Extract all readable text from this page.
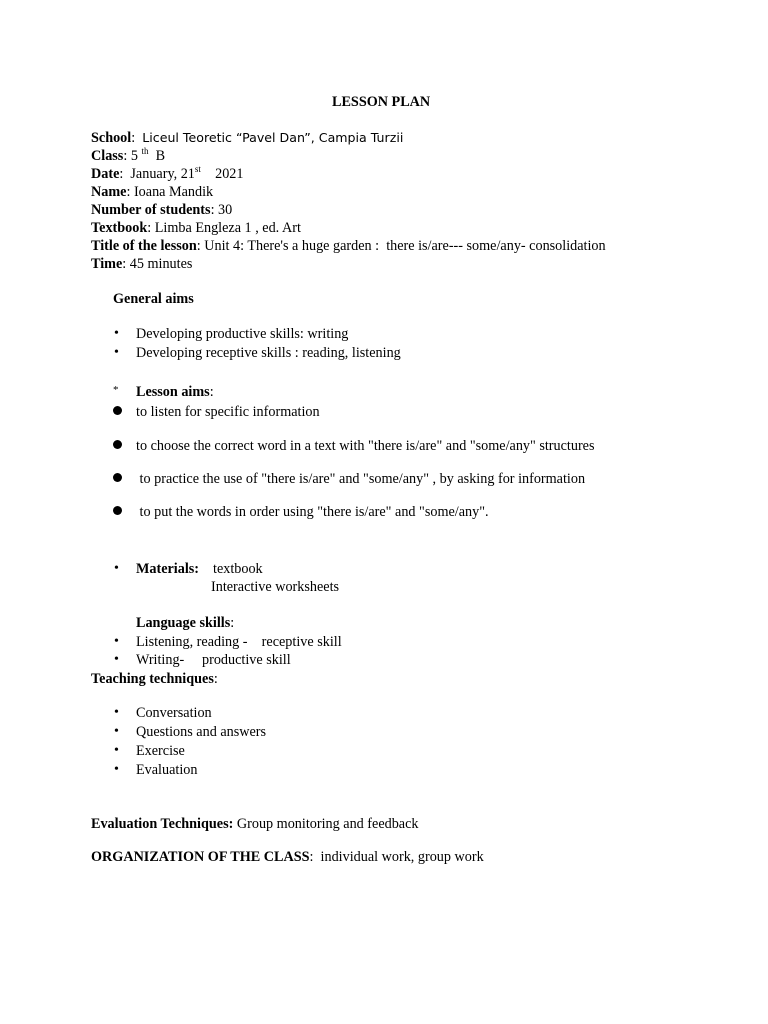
LESSON PLAN
School:  Liceul Teoretic “Pavel Dan”, Campia Turzii
Class: 5 $^{th}$  B
Date:  January, 21st    2021
Name: Ioana Mandik
Number of students: 30
Textbook: Limba Engleza 1 , ed. Art
Title of the lesson: Unit 4: There's a huge garden :  there is/are--- some/any- consolidation
Time: 45 minutes
General aims
• Developing productive skills: writing
• Developing receptive skills : reading, listening
* Lesson aims:
to listen for specific information
to choose the correct word in a text with "there is/are" and "some/any" structures
to practice the use of "there is/are" and "some/any" , by asking for information
to put the words in order using "there is/are" and "some/any".
• Materials: textbook
Interactive worksheets
Language skills:
• Listening, reading -    receptive skill
• Writing-     productive skill
Teaching techniques:
• Conversation
• Questions and answers
• Exercise
• Evaluation
Evaluation Techniques: Group monitoring and feedback
ORGANIZATION OF THE CLASS:  individual work, group work
